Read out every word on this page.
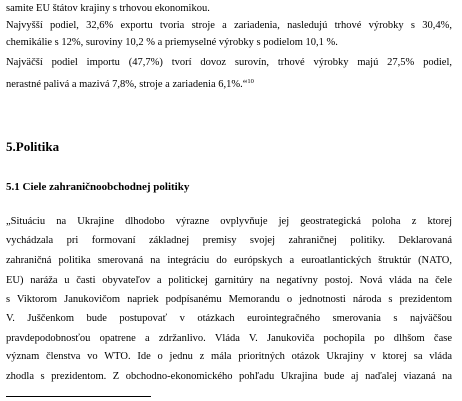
samite EU štátov krajiny s trhovou ekonomikou.
Najvyšší podiel, 32,6% exportu tvoria stroje a zariadenia, nasledujú trhové výrobky s 30,4%,
chemikálie s 12%, suroviny 10,2 % a priemyselné výrobky s podielom 10,1 %.
Najväčší podiel importu (47,7%) tvorí dovoz surovín, trhové výrobky majú 27,5% podiel,
nerastné palivá a mazivá 7,8%, stroje a zariadenia 6,1%.“$^{10}$
5.Politika
5.1 Ciele zahraničnoobchodnej politiky
„Situáciu na Ukrajine dlhodobo výrazne ovplyvňuje jej geostrategická poloha z ktorej
vychádzala pri formovaní základnej premisy svojej zahraničnej politiky. Deklarovaná
zahraničná politika smerovaná na integráciu do európskych a euroatlantických štruktúr (NATO,
EU) naráža u časti obyvateľov a politickej garnitúry na negatívny postoj. Nová vláda na čele
s Viktorom Janukovičom napriek podpísanému Memorandu o jednotnosti národa s prezidentom
V. Juščenkom bude postupovať v otázkach eurointegračného smerovania s najväčšou
pravdepodobnosťou opatrene a zdržanlivo. Vláda V. Janukoviča pochopila po dlhšom čase
význam členstva vo WTO. Ide o jednu z mála prioritných otázok Ukrajiny v ktorej sa vláda
zhodla s prezidentom. Z obchodno-ekonomického pohľadu Ukrajina bude aj naďalej viazaná na
